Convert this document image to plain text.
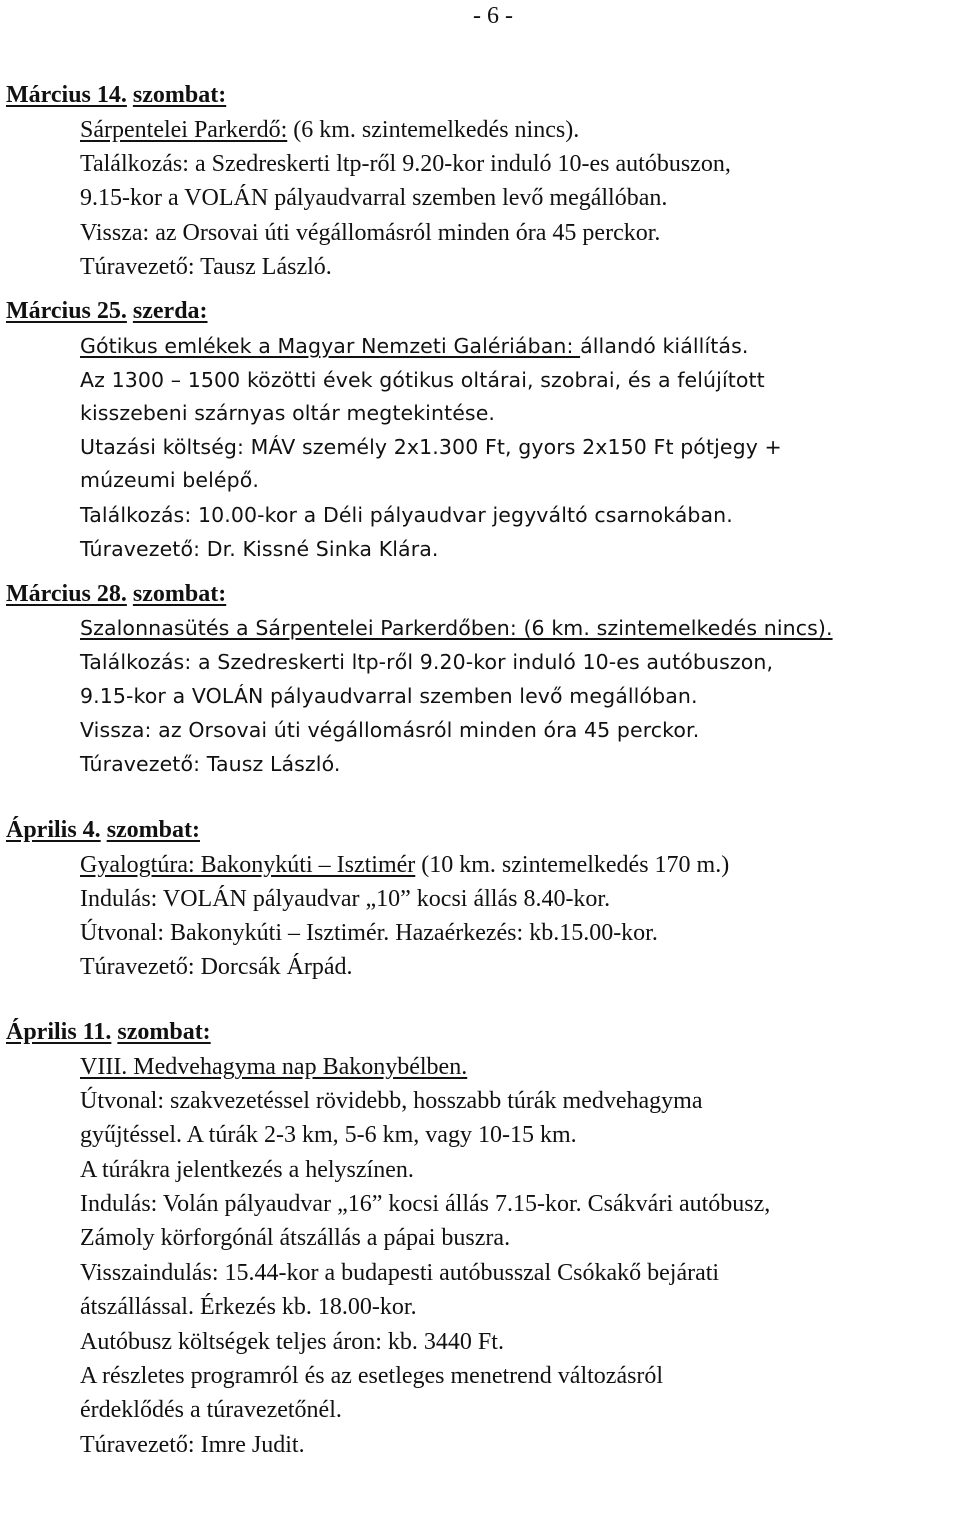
- 6 -
Március 14. szombat:
Sárpentelei Parkerdő: (6 km. szintemelkedés nincs).
Találkozás: a Szedreskerti ltp-ről 9.20-kor induló 10-es autóbuszon,
9.15-kor a VOLÁN pályaudvarral szemben levő megállóban.
Vissza: az Orsovai úti végállomásról minden óra 45 perckor.
Túravezető: Tausz László.
Március 25. szerda:
Gótikus emlékek a Magyar Nemzeti Galériában: állandó kiállítás.
Az 1300 – 1500 közötti évek gótikus oltárai, szobrai, és a felújított
kisszebeni szárnyas oltár megtekintése.
Utazási költség: MÁV személy 2x1.300 Ft, gyors 2x150 Ft pótjegy +
múzeumi belépő.
Találkozás: 10.00-kor a Déli pályaudvar jegyváltó csarnokában.
Túravezető: Dr. Kissné Sinka Klára.
Március 28. szombat:
Szalonnasütés a Sárpentelei Parkerdőben: (6 km. szintemelkedés nincs).
Találkozás: a Szedreskerti ltp-ről 9.20-kor induló 10-es autóbuszon,
9.15-kor a VOLÁN pályaudvarral szemben levő megállóban.
Vissza: az Orsovai úti végállomásról minden óra 45 perckor.
Túravezető: Tausz László.
Április 4. szombat:
Gyalogtúra: Bakonykúti – Isztimér (10 km. szintemelkedés 170 m.)
Indulás: VOLÁN pályaudvar „10” kocsi állás 8.40-kor.
Útvonal: Bakonykúti – Isztimér. Hazaérkezés: kb.15.00-kor.
Túravezető: Dorcsák Árpád.
Április 11. szombat:
VIII. Medvehagyma nap Bakonybélben.
Útvonal: szakvezetéssel rövidebb, hosszabb túrák medvehagyma
gyűjtéssel. A túrák 2-3 km, 5-6 km, vagy 10-15 km.
A túrákra jelentkezés a helyszínen.
Indulás: Volán pályaudvar „16” kocsi állás 7.15-kor. Csákvári autóbusz,
Zámoly körforgónál átszállás a pápai buszra.
Visszaindulás: 15.44-kor a budapesti autóbusszal Csókakő bejárati
átszállással. Érkezés kb. 18.00-kor.
Autóbusz költségek teljes áron: kb. 3440 Ft.
A részletes programról és az esetleges menetrend változásról
érdeklődés a túravezetőnél.
Túravezető: Imre Judit.
